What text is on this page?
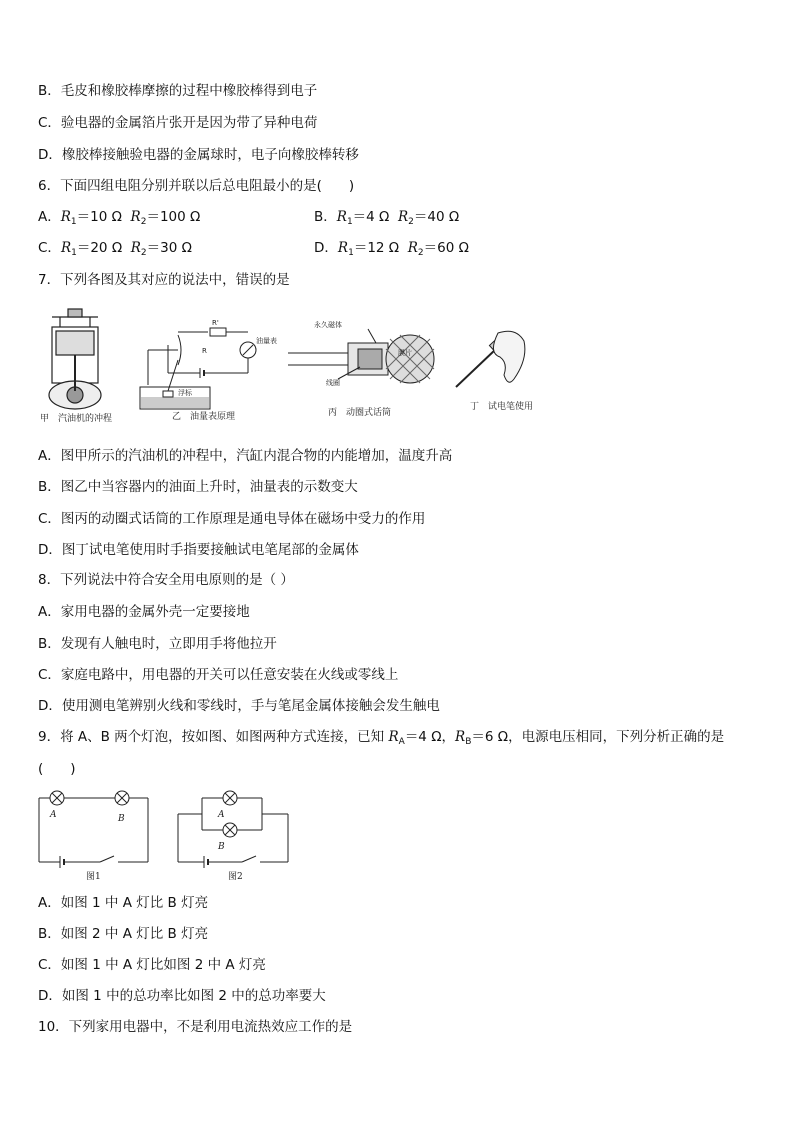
B．毛皮和橡胶棒摩擦的过程中橡胶棒得到电子
C．验电器的金属箔片张开是因为带了异种电荷
D．橡胶棒接触验电器的金属球时，电子向橡胶棒转移
6．下面四组电阻分别并联以后总电阻最小的是(　　)
A．$R_1=10$ Ω $R_2=100$ Ω	B．$R_1=4$ Ω $R_2=40$ Ω
C．$R_1=20$ Ω $R_2=30$ Ω	D．$R_1=12$ Ω $R_2=60$ Ω
7．下列各图及其对应的说法中，错误的是
甲　汽油机的冲程
R'
R
油量表
浮标
乙　油量表原理
永久磁体
线圈
膜片
丙　动圈式话筒
丁　试电笔使用
A．图甲所示的汽油机的冲程中，汽缸内混合物的内能增加，温度升高
B．图乙中当容器内的油面上升时，油量表的示数变大
C．图丙的动圈式话筒的工作原理是通电导体在磁场中受力的作用
D．图丁试电笔使用时手指要接触试电笔尾部的金属体
8．下列说法中符合安全用电原则的是（ ）
A．家用电器的金属外壳一定要接地
B．发现有人触电时，立即用手将他拉开
C．家庭电路中，用电器的开关可以任意安装在火线或零线上
D．使用测电笔辨别火线和零线时，手与笔尾金属体接触会发生触电
9．将 A、B 两个灯泡，按如图、如图两种方式连接，已知 $R_A=4$ Ω，$R_B=6$ Ω，电源电压相同，下列分析正确的是
(　　)
A	B
图1
A
B
图2
A．如图 1 中 A 灯比 B 灯亮
B．如图 2 中 A 灯比 B 灯亮
C．如图 1 中 A 灯比如图 2 中 A 灯亮
D．如图 1 中的总功率比如图 2 中的总功率要大
10．下列家用电器中，不是利用电流热效应工作的是
